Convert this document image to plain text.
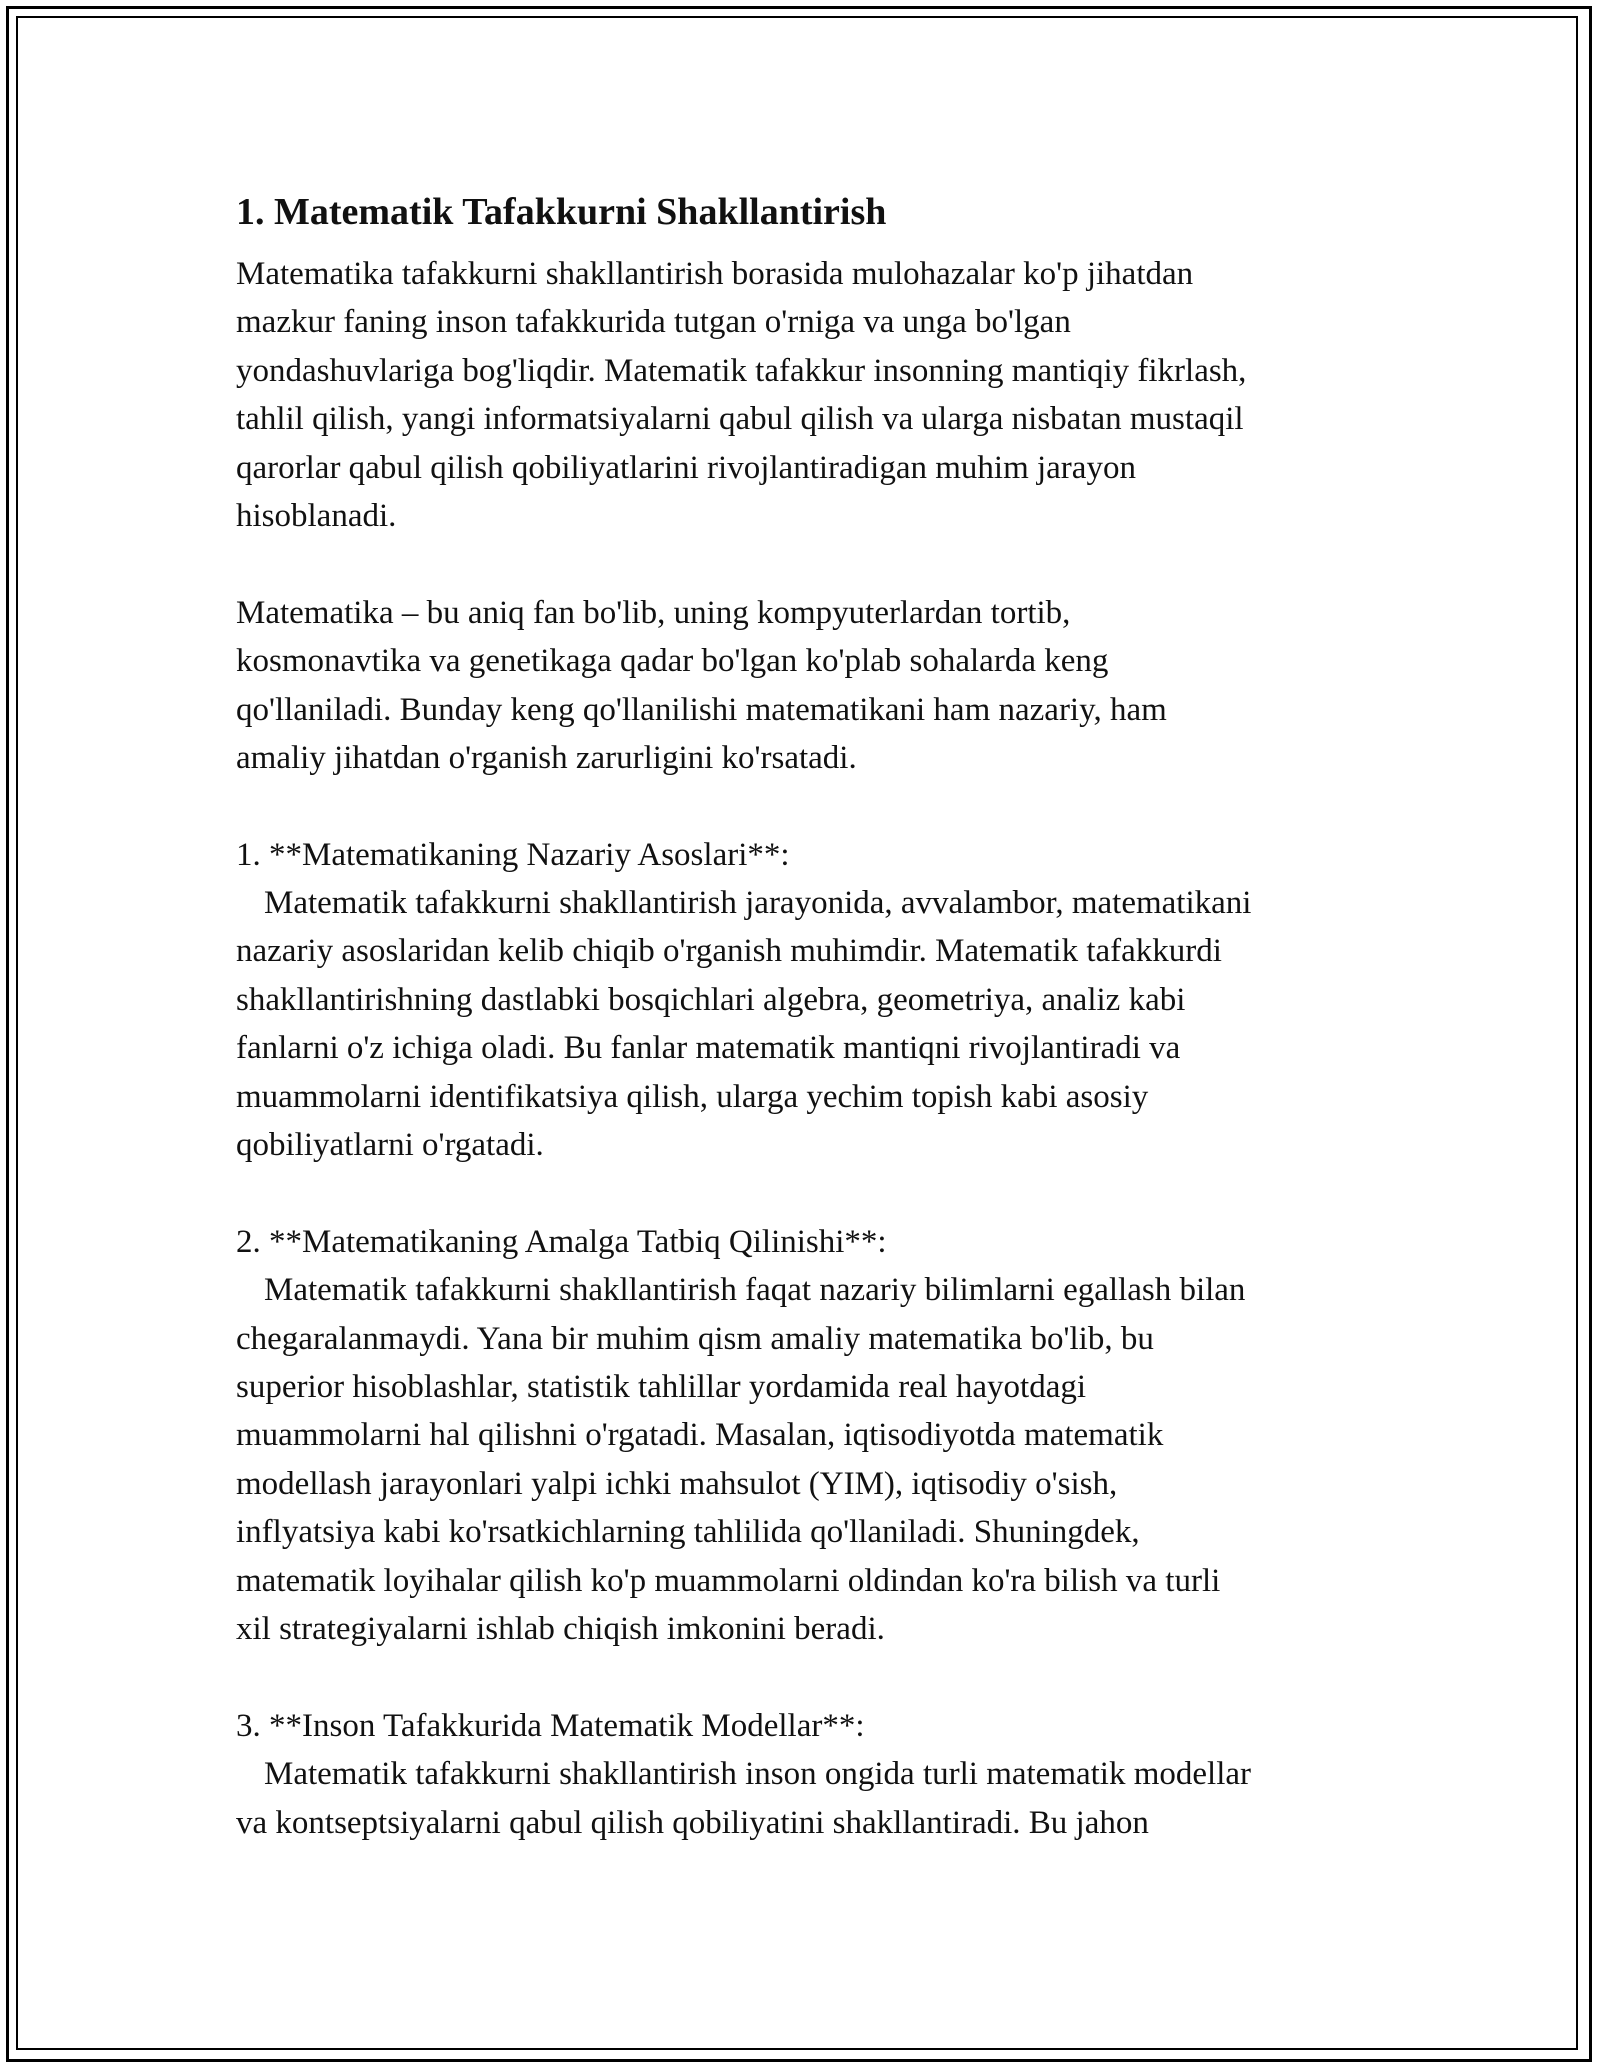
1. Matematik Tafakkurni Shakllantirish
Matematika tafakkurni shakllantirish borasida mulohazalar ko'p jihatdan
mazkur faning inson tafakkurida tutgan o'rniga va unga bo'lgan
yondashuvlariga bog'liqdir. Matematik tafakkur insonning mantiqiy fikrlash,
tahlil qilish, yangi informatsiyalarni qabul qilish va ularga nisbatan mustaqil
qarorlar qabul qilish qobiliyatlarini rivojlantiradigan muhim jarayon
hisoblanadi.
Matematika – bu aniq fan bo'lib, uning kompyuterlardan tortib,
kosmonavtika va genetikaga qadar bo'lgan ko'plab sohalarda keng
qo'llaniladi. Bunday keng qo'llanilishi matematikani ham nazariy, ham
amaliy jihatdan o'rganish zarurligini ko'rsatadi.
1. **Matematikaning Nazariy Asoslari**:
Matematik tafakkurni shakllantirish jarayonida, avvalambor, matematikani
nazariy asoslaridan kelib chiqib o'rganish muhimdir. Matematik tafakkurdi
shakllantirishning dastlabki bosqichlari algebra, geometriya, analiz kabi
fanlarni o'z ichiga oladi. Bu fanlar matematik mantiqni rivojlantiradi va
muammolarni identifikatsiya qilish, ularga yechim topish kabi asosiy
qobiliyatlarni o'rgatadi.
2. **Matematikaning Amalga Tatbiq Qilinishi**:
Matematik tafakkurni shakllantirish faqat nazariy bilimlarni egallash bilan
chegaralanmaydi. Yana bir muhim qism amaliy matematika bo'lib, bu
superior hisoblashlar, statistik tahlillar yordamida real hayotdagi
muammolarni hal qilishni o'rgatadi. Masalan, iqtisodiyotda matematik
modellash jarayonlari yalpi ichki mahsulot (YIM), iqtisodiy o'sish,
inflyatsiya kabi ko'rsatkichlarning tahlilida qo'llaniladi. Shuningdek,
matematik loyihalar qilish ko'p muammolarni oldindan ko'ra bilish va turli
xil strategiyalarni ishlab chiqish imkonini beradi.
3. **Inson Tafakkurida Matematik Modellar**:
Matematik tafakkurni shakllantirish inson ongida turli matematik modellar
va kontseptsiyalarni qabul qilish qobiliyatini shakllantiradi. Bu jahon
